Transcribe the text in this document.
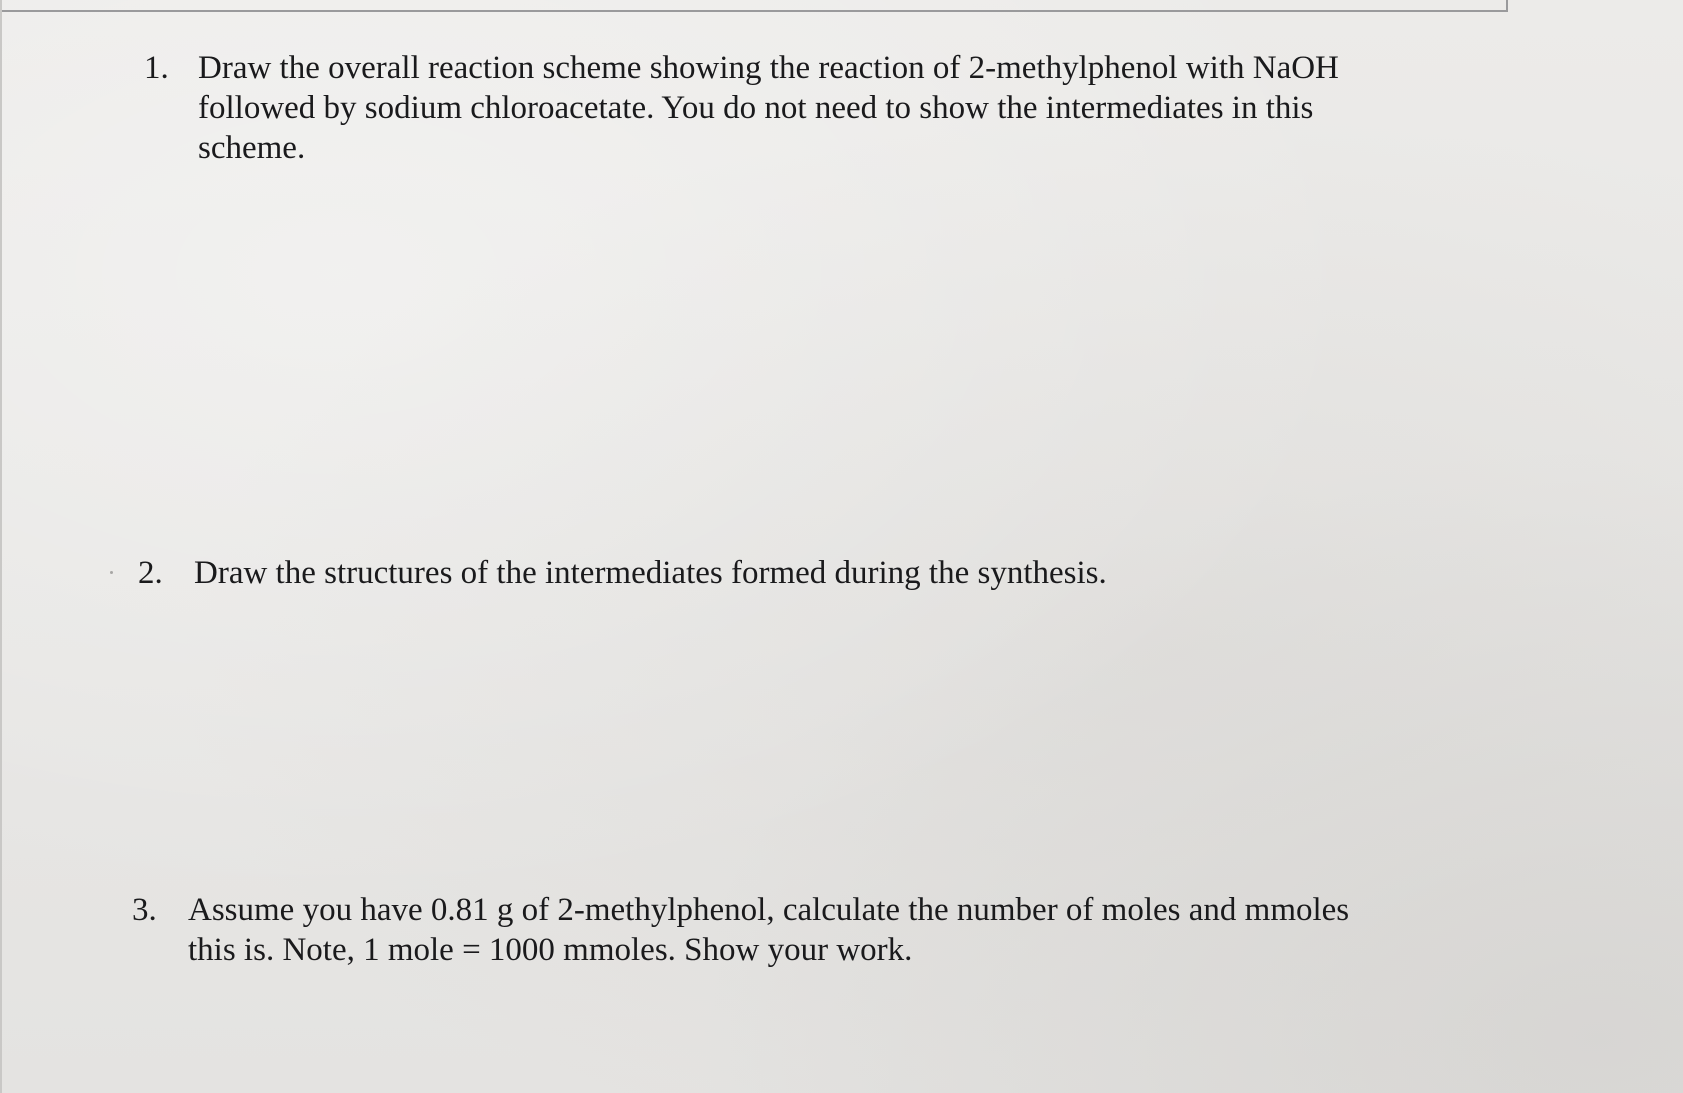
1. Draw the overall reaction scheme showing the reaction of 2-methylphenol with NaOH
followed by sodium chloroacetate. You do not need to show the intermediates in this
scheme.
2. Draw the structures of the intermediates formed during the synthesis.
3. Assume you have 0.81 g of 2-methylphenol, calculate the number of moles and mmoles
this is. Note, 1 mole = 1000 mmoles. Show your work.
